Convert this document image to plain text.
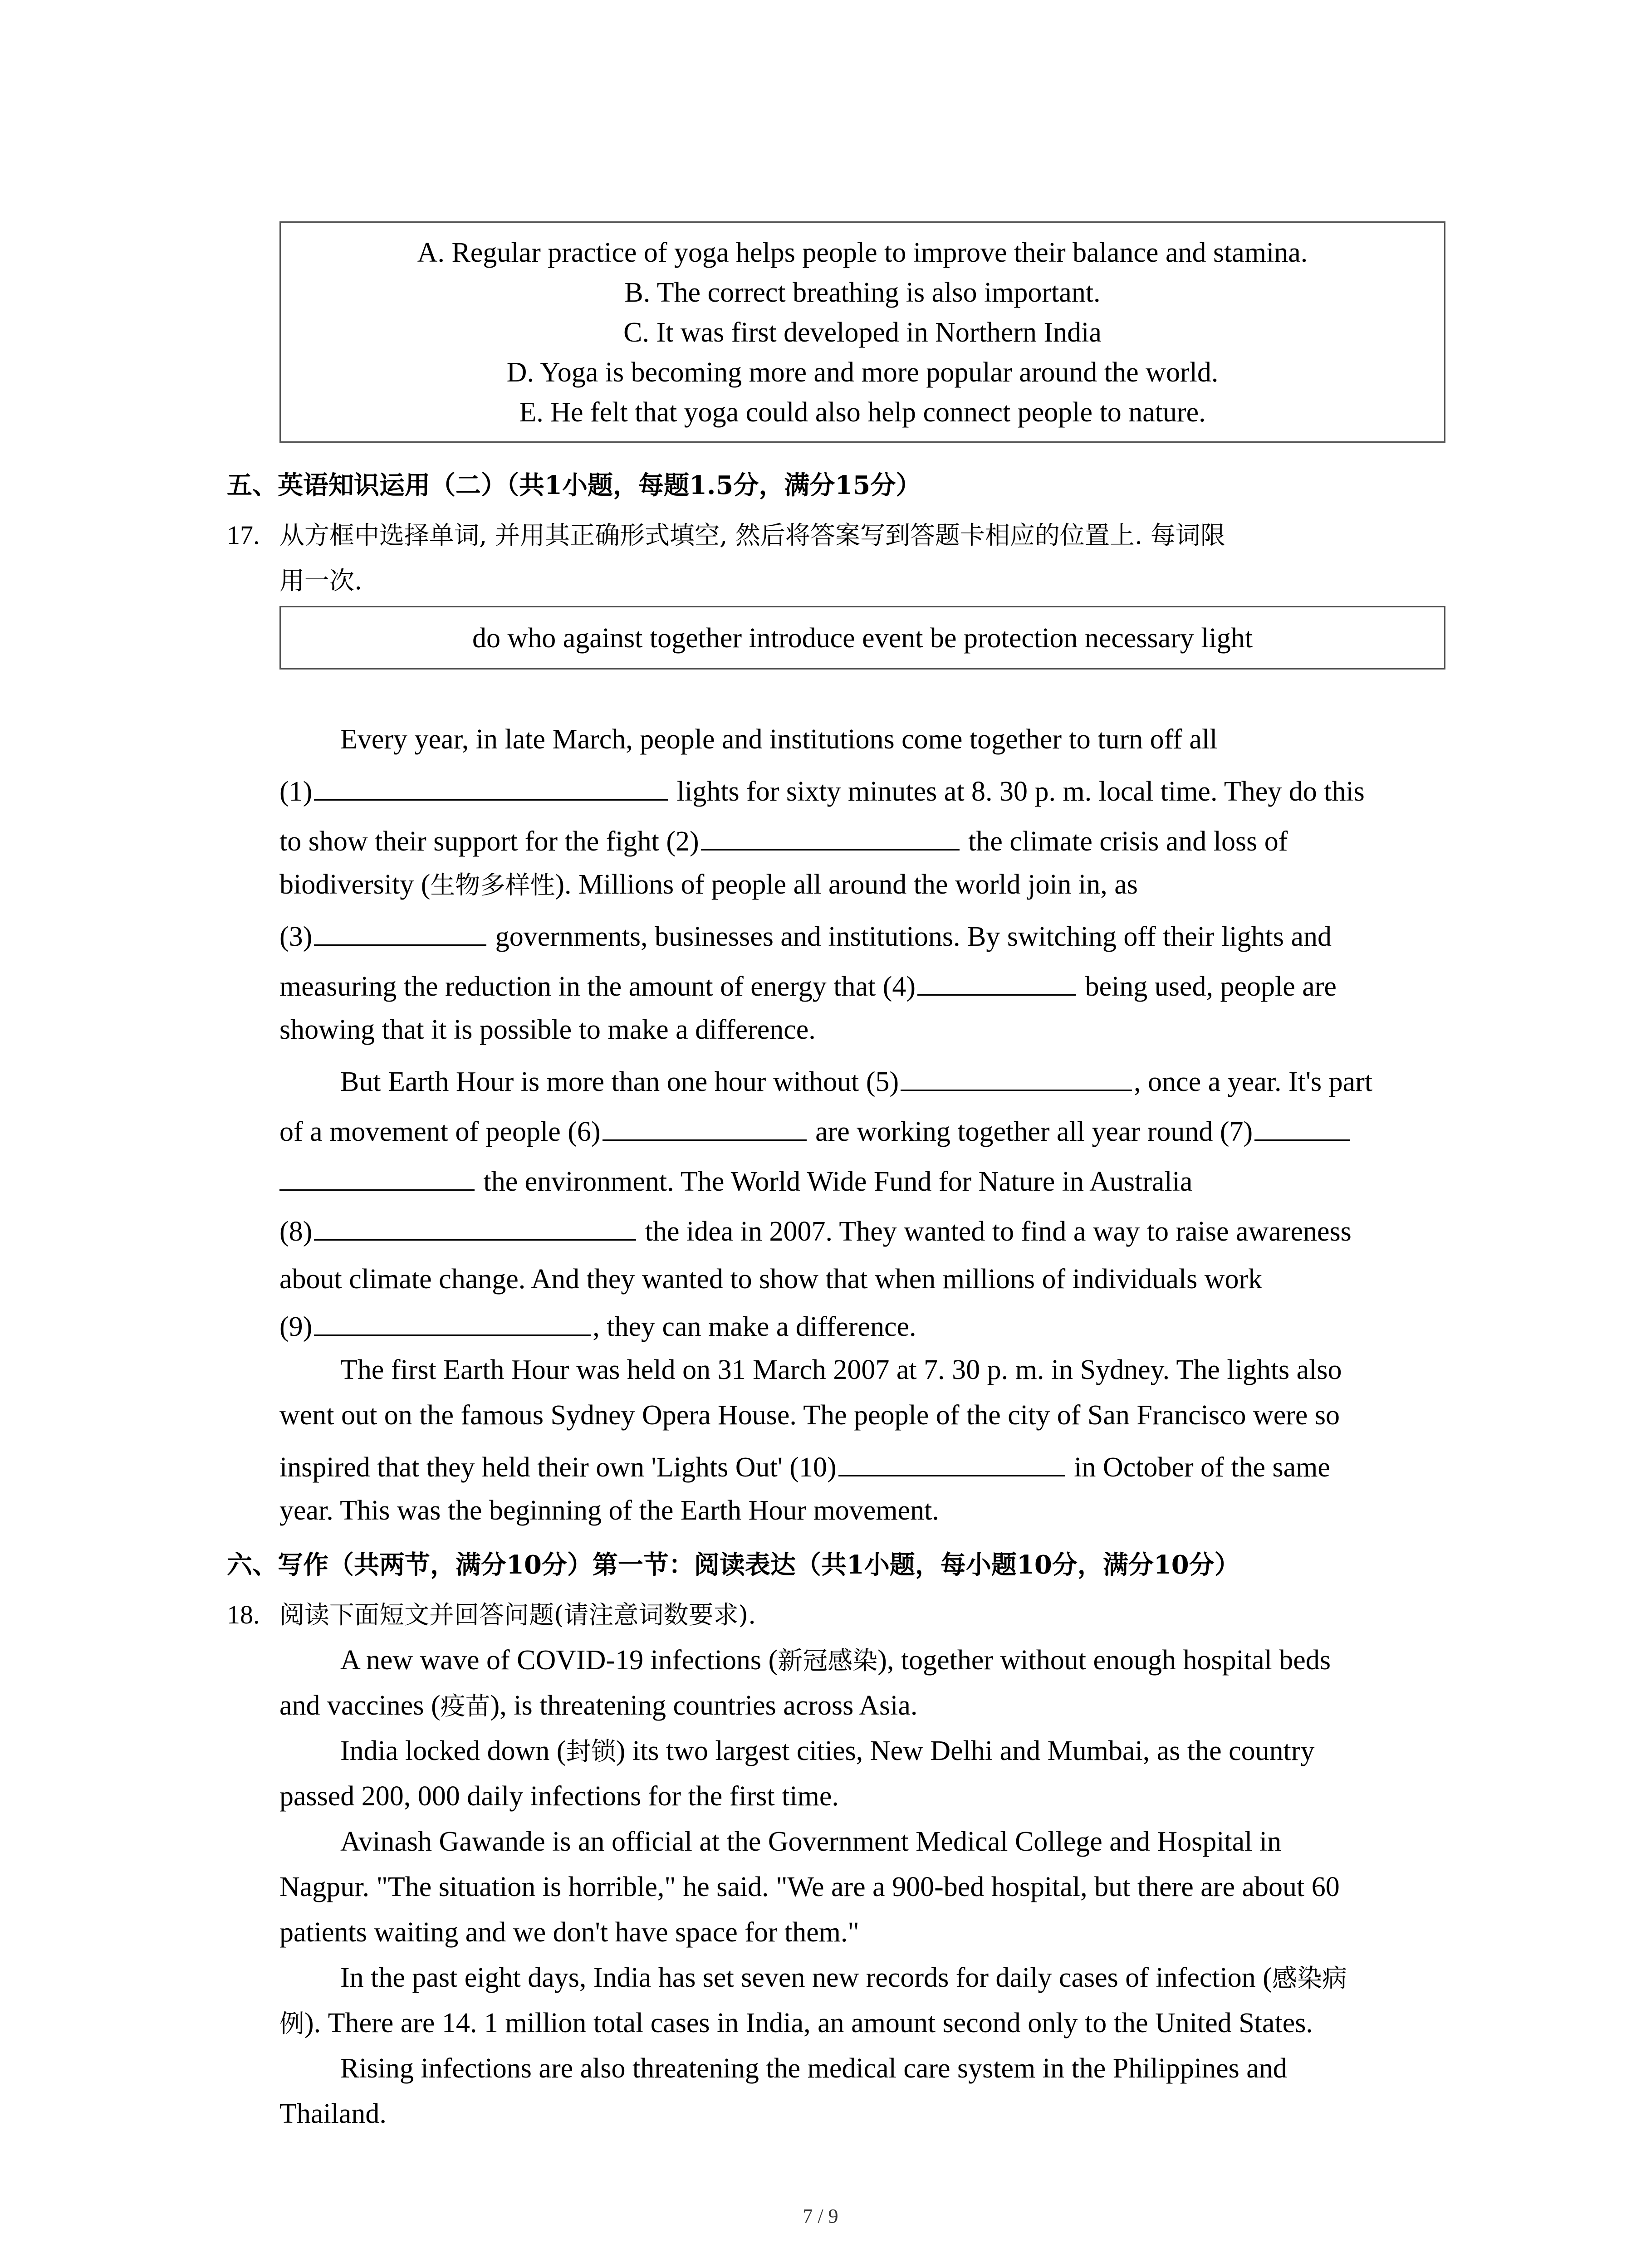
A. Regular practice of yoga helps people to improve their balance and stamina.
B. The correct breathing is also important.
C. It was first developed in Northern India
D. Yoga is becoming more and more popular around the world.
E. He felt that yoga could also help connect people to nature.
五、英语知识运用（二）（共1小题，每题1.5分，满分15分）
17. 从方框中选择单词, 并用其正确形式填空, 然后将答案写到答题卡相应的位置上. 每词限
用一次.
do who against together introduce event be protection necessary light
Every year, in late March, people and institutions come together to turn off all
(1)	lights for sixty minutes at 8. 30 p. m. local time. They do this
to show their support for the fight (2)	the climate crisis and loss of
biodiversity (生物多样性). Millions of people all around the world join in, as
(3)	governments, businesses and institutions. By switching off their lights and
measuring the reduction in the amount of energy that (4)	being used, people are
showing that it is possible to make a difference.
But Earth Hour is more than one hour without (5)	, once a year. It's part
of a movement of people (6)	are working together all year round (7)
the environment. The World Wide Fund for Nature in Australia
(8)	the idea in 2007. They wanted to find a way to raise awareness
about climate change. And they wanted to show that when millions of individuals work
(9)	, they can make a difference.
The first Earth Hour was held on 31 March 2007 at 7. 30 p. m. in Sydney. The lights also
went out on the famous Sydney Opera House. The people of the city of San Francisco were so
inspired that they held their own 'Lights Out' (10)	in October of the same
year. This was the beginning of the Earth Hour movement.
六、写作（共两节，满分10分）第一节：阅读表达（共1小题，每小题10分，满分10分）
18. 阅读下面短文并回答问题(请注意词数要求).
A new wave of COVID-19 infections (新冠感染), together without enough hospital beds
and vaccines (疫苗), is threatening countries across Asia.
India locked down (封锁) its two largest cities, New Delhi and Mumbai, as the country
passed 200, 000 daily infections for the first time.
Avinash Gawande is an official at the Government Medical College and Hospital in
Nagpur. "The situation is horrible," he said. "We are a 900-bed hospital, but there are about 60
patients waiting and we don't have space for them."
In the past eight days, India has set seven new records for daily cases of infection (感染病
例). There are 14. 1 million total cases in India, an amount second only to the United States.
Rising infections are also threatening the medical care system in the Philippines and
Thailand.
7 / 9
